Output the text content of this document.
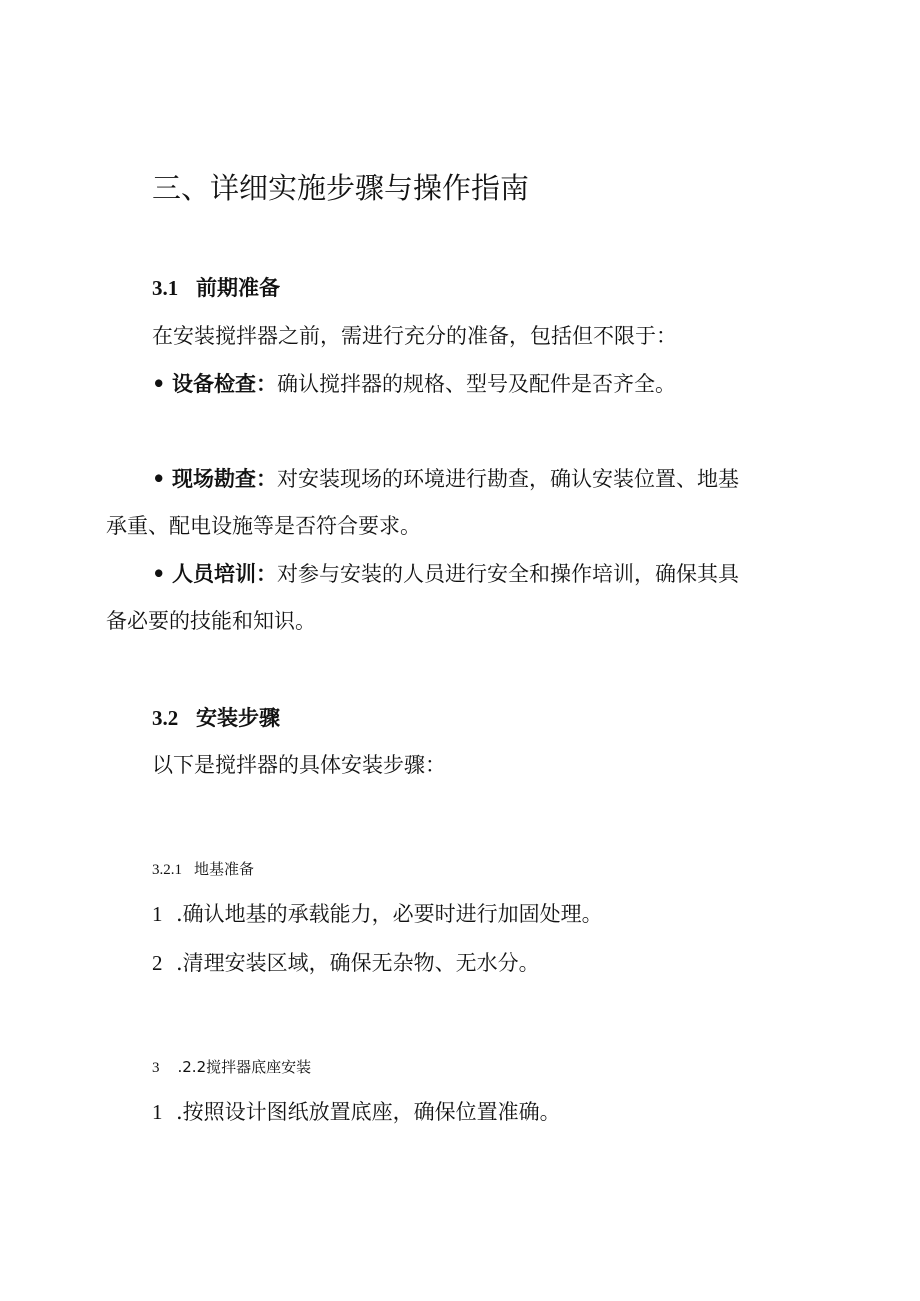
三、详细实施步骤与操作指南
3.1 前期准备
在安装搅拌器之前，需进行充分的准备，包括但不限于：
• 设备检查：确认搅拌器的规格、型号及配件是否齐全。
• 现场勘查：对安装现场的环境进行勘查，确认安装位置、地基
承重、配电设施等是否符合要求。
• 人员培训：对参与安装的人员进行安全和操作培训，确保其具
备必要的技能和知识。
3.2 安装步骤
以下是搅拌器的具体安装步骤：
3.2.1 地基准备
1 .确认地基的承载能力，必要时进行加固处理。
2 .清理安装区域，确保无杂物、无水分。
3 .2.2搅拌器底座安装
1 .按照设计图纸放置底座，确保位置准确。
